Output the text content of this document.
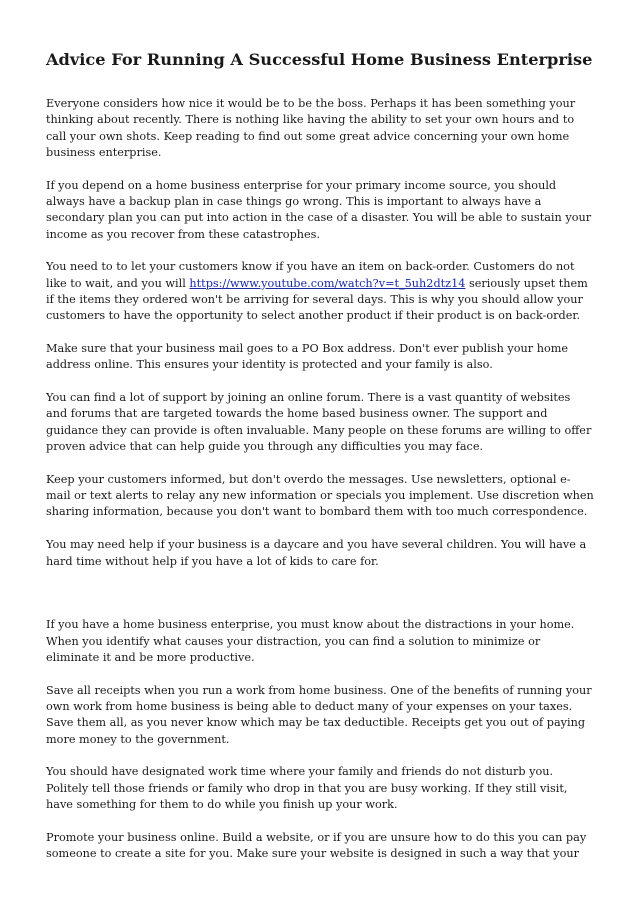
Advice For Running A Successful Home Business Enterprise

Everyone considers how nice it would be to be the boss. Perhaps it has been something your thinking about recently. There is nothing like having the ability to set your own hours and to call your own shots. Keep reading to find out some great advice concerning your own home business enterprise.

If you depend on a home business enterprise for your primary income source, you should always have a backup plan in case things go wrong. This is important to always have a secondary plan you can put into action in the case of a disaster. You will be able to sustain your income as you recover from these catastrophes.

You need to to let your customers know if you have an item on back-order. Customers do not like to wait, and you will https://www.youtube.com/watch?v=t_5uh2dtz14 seriously upset them if the items they ordered won't be arriving for several days. This is why you should allow your customers to have the opportunity to select another product if their product is on back-order.

Make sure that your business mail goes to a PO Box address. Don't ever publish your home address online. This ensures your identity is protected and your family is also.

You can find a lot of support by joining an online forum. There is a vast quantity of websites and forums that are targeted towards the home based business owner. The support and guidance they can provide is often invaluable. Many people on these forums are willing to offer proven advice that can help guide you through any difficulties you may face.

Keep your customers informed, but don't overdo the messages. Use newsletters, optional e-mail or text alerts to relay any new information or specials you implement. Use discretion when sharing information, because you don't want to bombard them with too much correspondence.

You may need help if your business is a daycare and you have several children. You will have a hard time without help if you have a lot of kids to care for.

If you have a home business enterprise, you must know about the distractions in your home. When you identify what causes your distraction, you can find a solution to minimize or eliminate it and be more productive.

Save all receipts when you run a work from home business. One of the benefits of running your own work from home business is being able to deduct many of your expenses on your taxes. Save them all, as you never know which may be tax deductible. Receipts get you out of paying more money to the government.

You should have designated work time where your family and friends do not disturb you. Politely tell those friends or family who drop in that you are busy working. If they still visit, have something for them to do while you finish up your work.

Promote your business online. Build a website, or if you are unsure how to do this you can pay someone to create a site for you. Make sure your website is designed in such a way that your
